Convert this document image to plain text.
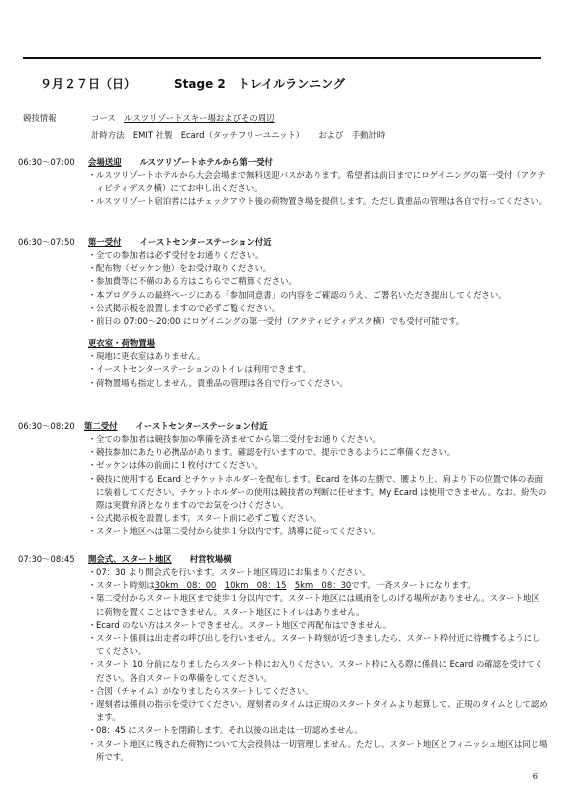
９月２７日（日）	Stage 2　トレイルランニング
競技情報	コース　 ルスツリゾートスキー場およびその周辺
計時方法　 EMIT 社製　Ecard（タッチフリーユニット） および　 手動計時
06:30～07:00	会場送迎 ルスツリゾートホテルから第一受付
・ ルスツリゾートホテルから大会会場まで無料送迎バスがあります。希望者は前日までにロゲイニングの第一受付（アクティビティデスク横）にてお申し出ください。
・ ルスツリゾート宿泊者にはチェックアウト後の荷物置き場を提供します。ただし貴重品の管理は各自で行ってください。
06:30～07:50	第一受付 イーストセンターステーション付近
・ 全ての参加者は必ず受付をお通りください。
・ 配布物（ゼッケン他）をお受け取りください。
・ 参加費等に不備のある方はこちらでご精算ください。
・ 本プログラムの最終ページにある「参加同意書」の内容をご確認のうえ、ご署名いただき提出してください。
・ 公式掲示板を設置しますので必ずご覧ください。
・ 前日の 07:00～20:00 にロゲイニングの第一受付（アクティビティデスク横）でも受付可能です。
更衣室・荷物置場
・ 現地に更衣室はありません。
・ イーストセンターステーションのトイレは利用できます。
・ 荷物置場も指定しません。貴重品の管理は各自で行ってください。
06:30～08:20	第二受付 イーストセンターステーション付近
・ 全ての参加者は競技参加の準備を済ませてから第二受付をお通りください。
・ 競技参加にあたり必携品があります。確認を行いますので、提示できるようにご準備ください。
・ ゼッケンは体の前面に１枚付けてください。
・ 競技に使用する Ecard とチケットホルダーを配布します。Ecard を体の左側で、腰より上、肩より下の位置で体の表面に装着してください。チケットホルダーの使用は競技者の判断に任せます。My Ecard は使用できません。なお、紛失の際は実費弁済となりますのでお気をつけください。
・ 公式掲示板を設置します。スタート前に必ずご覧ください。
・ スタート地区へは第二受付から徒歩１分以内です。誘導に従ってください。
07:30～08:45	開会式、スタート地区 村営牧場横
・ 07：30 より開会式を行います。スタート地区周辺にお集まりください。
・ スタート時刻は30km　08：00　 10km　08：15　 5km　08：30です。一斉スタートになります。
・ 第二受付からスタート地区まで徒歩１分以内です。スタート地区には風雨をしのげる場所がありません。スタート地区に荷物を置くことはできません。スタート地区にトイレはありません。
・ Ecard のない方はスタートできません。スタート地区で再配布はできません。
・ スタート係員は出走者の呼び出しを行いません。スタート時刻が近づきましたら、スタート枠付近に待機するようにしてください。
・ スタート 10 分前になりましたらスタート枠にお入りください。スタート枠に入る際に係員に Ecard の確認を受けてください。各自スタートの準備をしてください。
・ 合図（チャイム）がなりましたらスタートしてください。
・ 遅刻者は係員の指示を受けてください。遅刻者のタイムは正規のスタートタイムより起算して、正規のタイムとして認めます。
・ 08：45 にスタートを閉鎖します。それ以後の出走は一切認めません。
・ スタート地区に残された荷物について大会役員は一切管理しません。ただし、スタート地区とフィニッシュ地区は同じ場所です。
6
